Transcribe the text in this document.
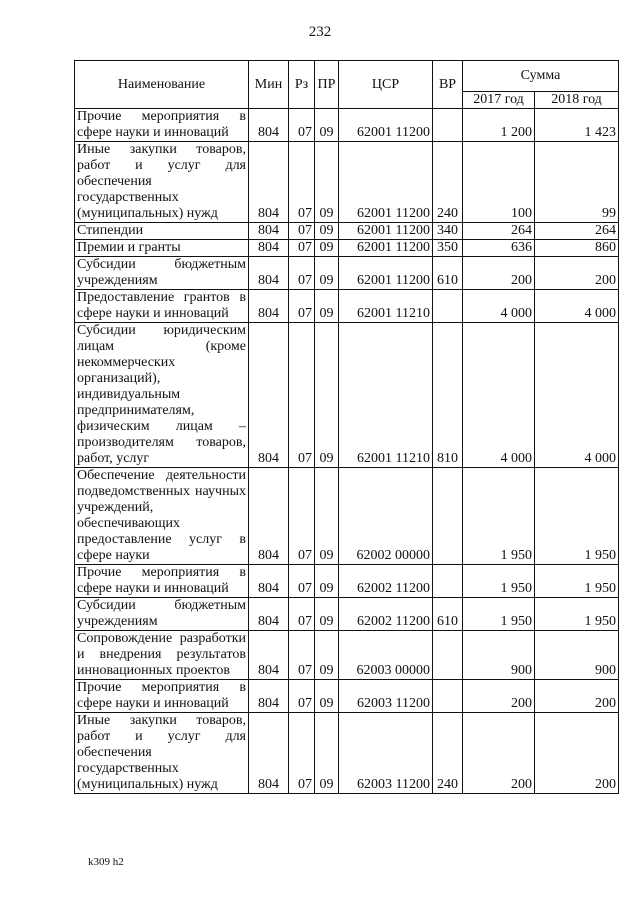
232
Наименование	Мин	Рз	ПР	ЦСР	ВР	Сумма	
						2017 год	2018 год
Прочие мероприятия в сфере науки и инноваций	804	07	09	62001 11200		1 200	1 423
Иные закупки товаров, работ и услуг для обеспечения государственных (муниципальных) нужд	804	07	09	62001 11200	240	100	99
Стипендии	804	07	09	62001 11200	340	264	264
Премии и гранты	804	07	09	62001 11200	350	636	860
Субсидии бюджетным учреждениям	804	07	09	62001 11200	610	200	200
Предоставление грантов в сфере науки и инноваций	804	07	09	62001 11210		4 000	4 000
Субсидии юридическим лицам (кроме некоммерческих организаций), индивидуальным предпринимателям, физическим лицам – производителям товаров, работ, услуг	804	07	09	62001 11210	810	4 000	4 000
Обеспечение деятельности подведомственных научных учреждений, обеспечивающих предоставление услуг в сфере науки	804	07	09	62002 00000		1 950	1 950
Прочие мероприятия в сфере науки и инноваций	804	07	09	62002 11200		1 950	1 950
Субсидии бюджетным учреждениям	804	07	09	62002 11200	610	1 950	1 950
Сопровождение разработки и внедрения результатов инновационных проектов	804	07	09	62003 00000		900	900
Прочие мероприятия в сфере науки и инноваций	804	07	09	62003 11200		200	200
Иные закупки товаров, работ и услуг для обеспечения государственных (муниципальных) нужд	804	07	09	62003 11200	240	200	200
k309 h2
